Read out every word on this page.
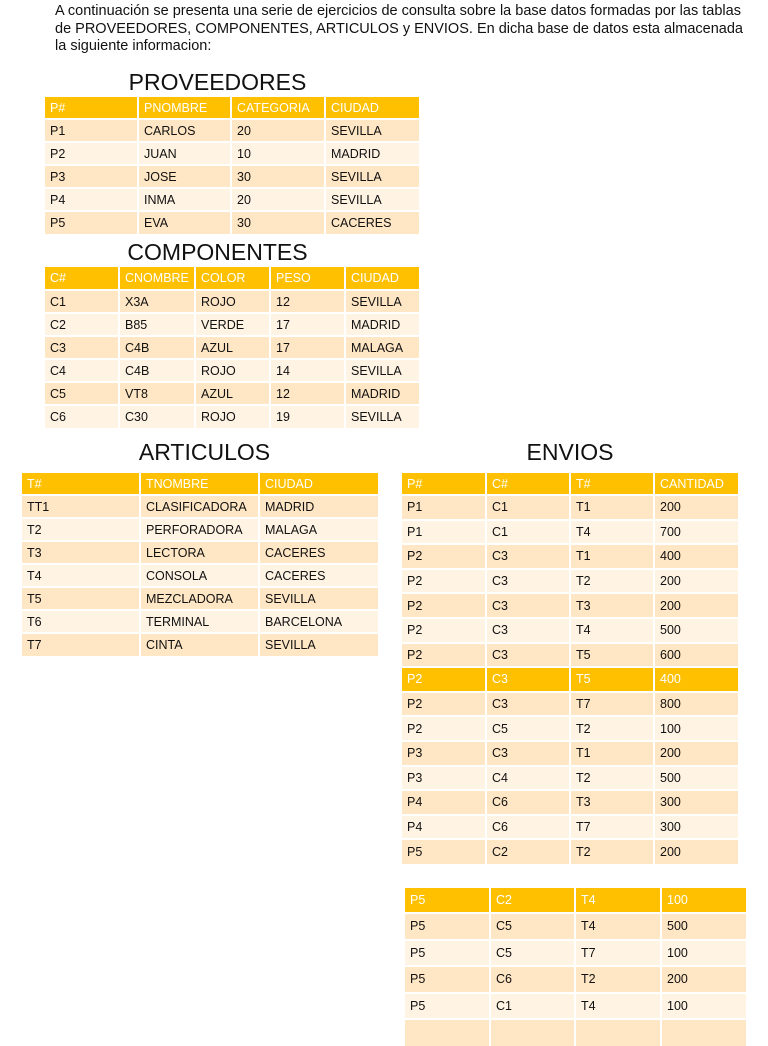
A continuación se presenta una serie de ejercicios de consulta sobre la base datos formadas por las tablas de PROVEEDORES, COMPONENTES, ARTICULOS y ENVIOS. En dicha base de datos esta almacenada la siguiente informacion:

PROVEEDORES
P#	PNOMBRE	CATEGORIA	CIUDAD
P1	CARLOS	20	SEVILLA
P2	JUAN	10	MADRID
P3	JOSE	30	SEVILLA
P4	INMA	20	SEVILLA
P5	EVA	30	CACERES
COMPONENTES
C#	CNOMBRE	COLOR	PESO	CIUDAD
C1	X3A	ROJO	12	SEVILLA
C2	B85	VERDE	17	MADRID
C3	C4B	AZUL	17	MALAGA
C4	C4B	ROJO	14	SEVILLA
C5	VT8	AZUL	12	MADRID
C6	C30	ROJO	19	SEVILLA
ARTICULOS
T#	TNOMBRE	CIUDAD
TT1	CLASIFICADORA	MADRID
T2	PERFORADORA	MALAGA
T3	LECTORA	CACERES
T4	CONSOLA	CACERES
T5	MEZCLADORA	SEVILLA
T6	TERMINAL	BARCELONA
T7	CINTA	SEVILLA
ENVIOS
P#	C#	T#	CANTIDAD
P1	C1	T1	200
P1	C1	T4	700
P2	C3	T1	400
P2	C3	T2	200
P2	C3	T3	200
P2	C3	T4	500
P2	C3	T5	600
P2	C3	T5	400
P2	C3	T7	800
P2	C5	T2	100
P3	C3	T1	200
P3	C4	T2	500
P4	C6	T3	300
P4	C6	T7	300
P5	C2	T2	200
P5	C2	T4	100
P5	C5	T4	500
P5	C5	T7	100
P5	C6	T2	200
P5	C1	T4	100
